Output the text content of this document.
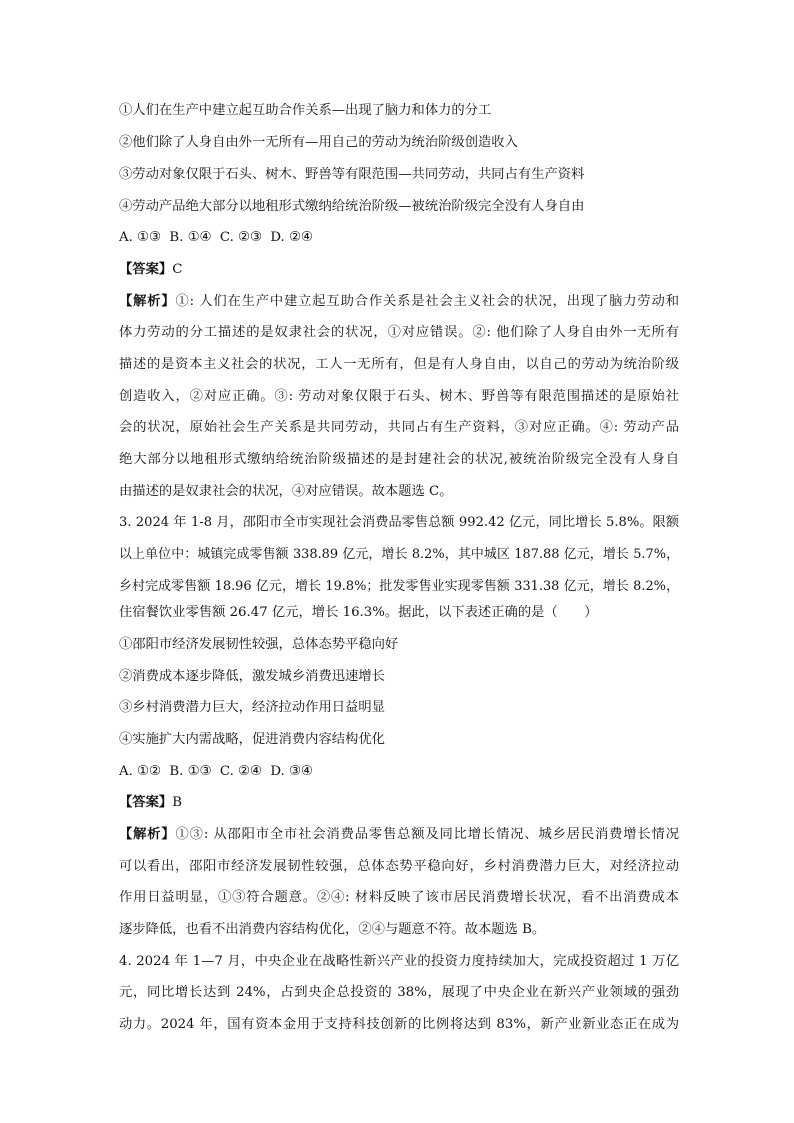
①人们在生产中建立起互助合作关系—出现了脑力和体力的分工
②他们除了人身自由外一无所有—用自己的劳动为统治阶级创造收入
③劳动对象仅限于石头、树木、野兽等有限范围—共同劳动，共同占有生产资料
④劳动产品绝大部分以地租形式缴纳给统治阶级—被统治阶级完全没有人身自由
A. ①③  B. ①④  C. ②③  D. ②④
【答案】C
【解析】①: 人们在生产中建立起互助合作关系是社会主义社会的状况，出现了脑力劳动和
体力劳动的分工描述的是奴隶社会的状况，①对应错误。②: 他们除了人身自由外一无所有
描述的是资本主义社会的状况，工人一无所有，但是有人身自由，以自己的劳动为统治阶级
创造收入，②对应正确。③: 劳动对象仅限于石头、树木、野兽等有限范围描述的是原始社
会的状况，原始社会生产关系是共同劳动，共同占有生产资料，③对应正确。④: 劳动产品
绝大部分以地租形式缴纳给统治阶级描述的是封建社会的状况,被统治阶级完全没有人身自
由描述的是奴隶社会的状况，④对应错误。故本题选 C。
3. 2024 年 1-8 月，邵阳市全市实现社会消费品零售总额 992.42 亿元，同比增长 5.8%。限额
以上单位中：城镇完成零售额 338.89 亿元，增长 8.2%，其中城区 187.88 亿元，增长 5.7%，
乡村完成零售额 18.96 亿元，增长 19.8%；批发零售业实现零售额 331.38 亿元，增长 8.2%，
住宿餐饮业零售额 26.47 亿元，增长 16.3%。据此，以下表述正确的是（　　）
①邵阳市经济发展韧性较强，总体态势平稳向好
②消费成本逐步降低，激发城乡消费迅速增长
③乡村消费潜力巨大，经济拉动作用日益明显
④实施扩大内需战略，促进消费内容结构优化
A. ①②  B. ①③  C. ②④  D. ③④
【答案】B
【解析】①③: 从邵阳市全市社会消费品零售总额及同比增长情况、城乡居民消费增长情况
可以看出，邵阳市经济发展韧性较强，总体态势平稳向好，乡村消费潜力巨大，对经济拉动
作用日益明显，①③符合题意。②④: 材料反映了该市居民消费增长状况，看不出消费成本
逐步降低，也看不出消费内容结构优化，②④与题意不符。故本题选 B。
4. 2024 年 1—7 月，中央企业在战略性新兴产业的投资力度持续加大，完成投资超过 1 万亿
元，同比增长达到 24%，占到央企总投资的 38%，展现了中央企业在新兴产业领域的强劲
动力。2024 年，国有资本金用于支持科技创新的比例将达到 83%，新产业新业态正在成为
